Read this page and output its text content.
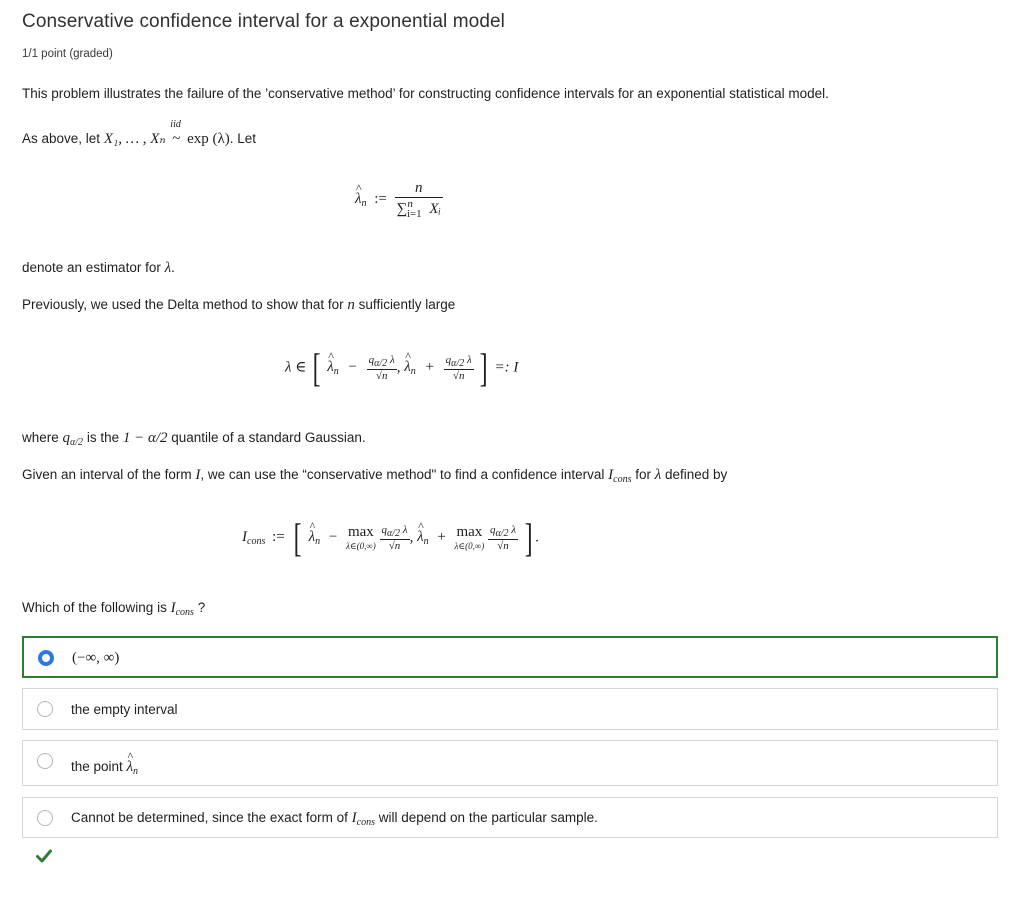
Conservative confidence interval for a exponential model
1/1 point (graded)
This problem illustrates the failure of the ’conservative method’ for constructing confidence intervals for an exponential statistical model.
As above, let X₁, … , Xₙ
iid
~ exp (λ). Let
^ $\lambda_n$ := $\frac{n}{\sum^n_{i=1} Xᵢ}$
denote an estimator for λ.
Previously, we used the Delta method to show that for n sufficiently large
λ ∈ [ ^ $\lambda_n - \frac{q\alpha/2 \lambda}{√n}$ , ^ $\lambda_n + \frac{q\alpha/2 \lambda}{√n}$ ] =: I
where $q_{\alpha/2}$ is the 1 − α/2 quantile of a standard Gaussian.
Given an interval of the form I, we can use the “conservative method" to find a confidence interval $I_{cons}$ for λ defined by
$I_{cons}$ := [ ^ $\lambda_n - \max$
λ∈(0,∞)
$\frac{q\alpha/2 \lambda}{√n}$ , ^ $\lambda_n + \max$
λ∈(0,∞)
$\frac{q\alpha/2 \lambda}{√n}$ ] .
Which of the following is $I_{cons}$ ?
(−∞, ∞)
the empty interval
the point ^ $\lambda_n$
Cannot be determined, since the exact form of $I_{cons}$ will depend on the particular sample.
